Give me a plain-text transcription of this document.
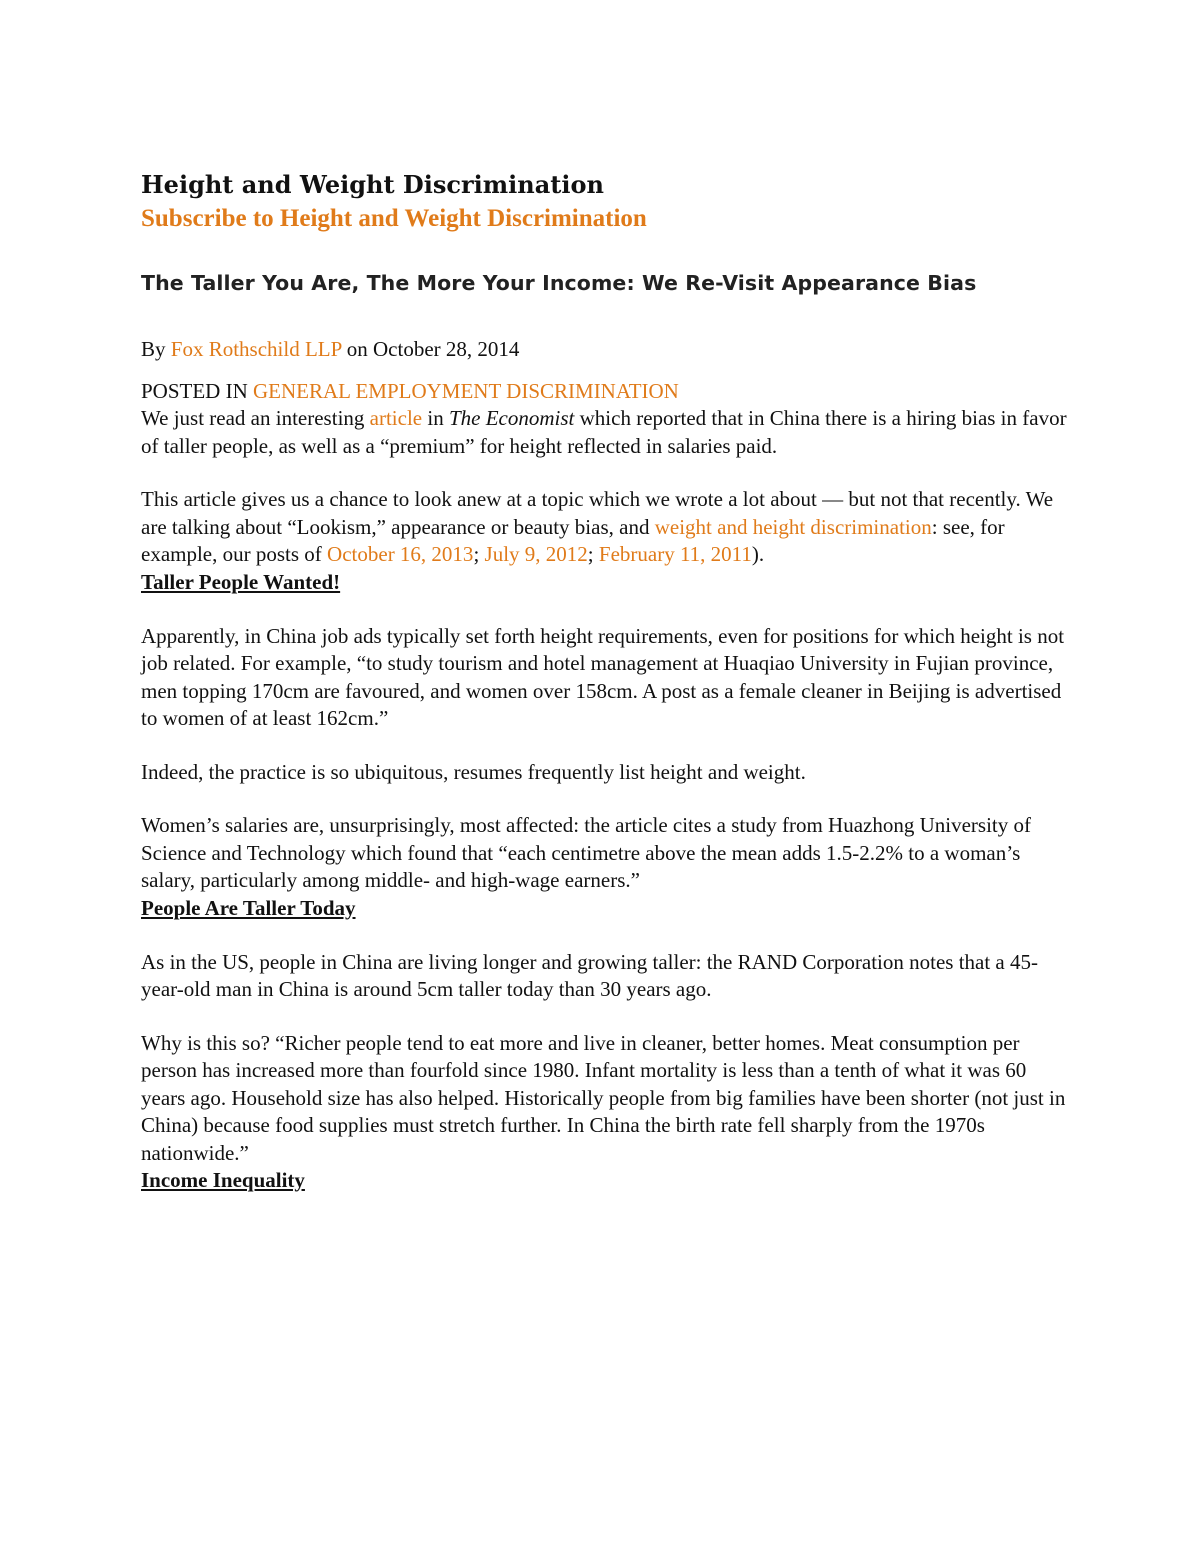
Height and Weight Discrimination
Subscribe to Height and Weight Discrimination
The Taller You Are, The More Your Income: We Re-Visit Appearance Bias
By Fox Rothschild LLP on October 28, 2014
POSTED IN GENERAL EMPLOYMENT DISCRIMINATION

We just read an interesting article in The Economist which reported that in China there is a hiring bias in favor of taller people, as well as a “premium” for height reflected in salaries paid.

This article gives us a chance to look anew at a topic which we wrote a lot about — but not that recently. We are talking about “Lookism,” appearance or beauty bias, and weight and height discrimination: see, for example, our posts of October 16, 2013; July 9, 2012; February 11, 2011).

Taller People Wanted!

Apparently, in China job ads typically set forth height requirements, even for positions for which height is not job related. For example, “to study tourism and hotel management at Huaqiao University in Fujian province, men topping 170cm are favoured, and women over 158cm. A post as a female cleaner in Beijing is advertised to women of at least 162cm.”

Indeed, the practice is so ubiquitous, resumes frequently list height and weight.

Women’s salaries are, unsurprisingly, most affected: the article cites a study from Huazhong University of Science and Technology which found that “each centimetre above the mean adds 1.5-2.2% to a woman’s salary, particularly among middle- and high-wage earners.”

People Are Taller Today

As in the US, people in China are living longer and growing taller: the RAND Corporation notes that a 45-year-old man in China is around 5cm taller today than 30 years ago.

Why is this so? “Richer people tend to eat more and live in cleaner, better homes. Meat consumption per person has increased more than fourfold since 1980. Infant mortality is less than a tenth of what it was 60 years ago. Household size has also helped. Historically people from big families have been shorter (not just in China) because food supplies must stretch further. In China the birth rate fell sharply from the 1970s nationwide.”

Income Inequality
